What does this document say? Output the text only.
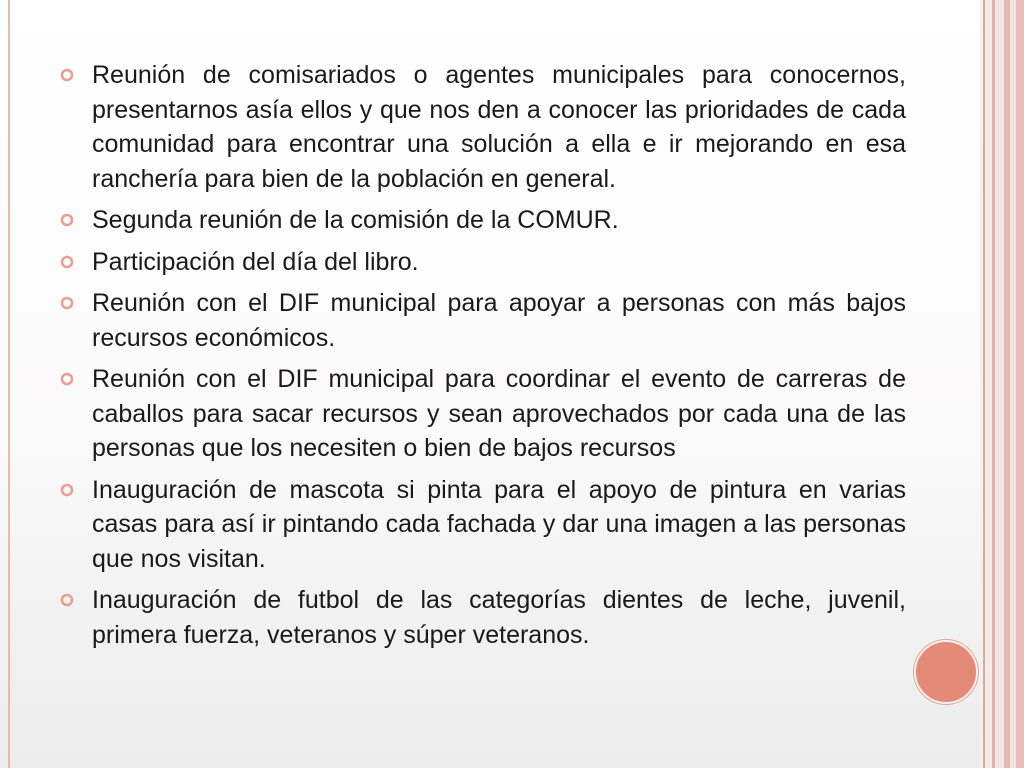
Reunión de comisariados o agentes municipales para conocernos, presentarnos asía ellos y que nos den a conocer las prioridades de cada comunidad para encontrar una solución a ella e ir mejorando en esa ranchería para bien de la población en general.
Segunda reunión de la comisión de la COMUR.
Participación del día del libro.
Reunión con el DIF municipal para apoyar a personas con más bajos recursos económicos.
Reunión con el DIF municipal para coordinar el evento de carreras de caballos para sacar recursos y sean aprovechados por cada una de las personas que los necesiten o bien de bajos recursos
Inauguración de mascota si pinta para el apoyo de pintura en varias casas para así ir pintando cada fachada y dar una imagen a las personas que nos visitan.
Inauguración de futbol de las categorías dientes de leche, juvenil, primera fuerza, veteranos y súper veteranos.
